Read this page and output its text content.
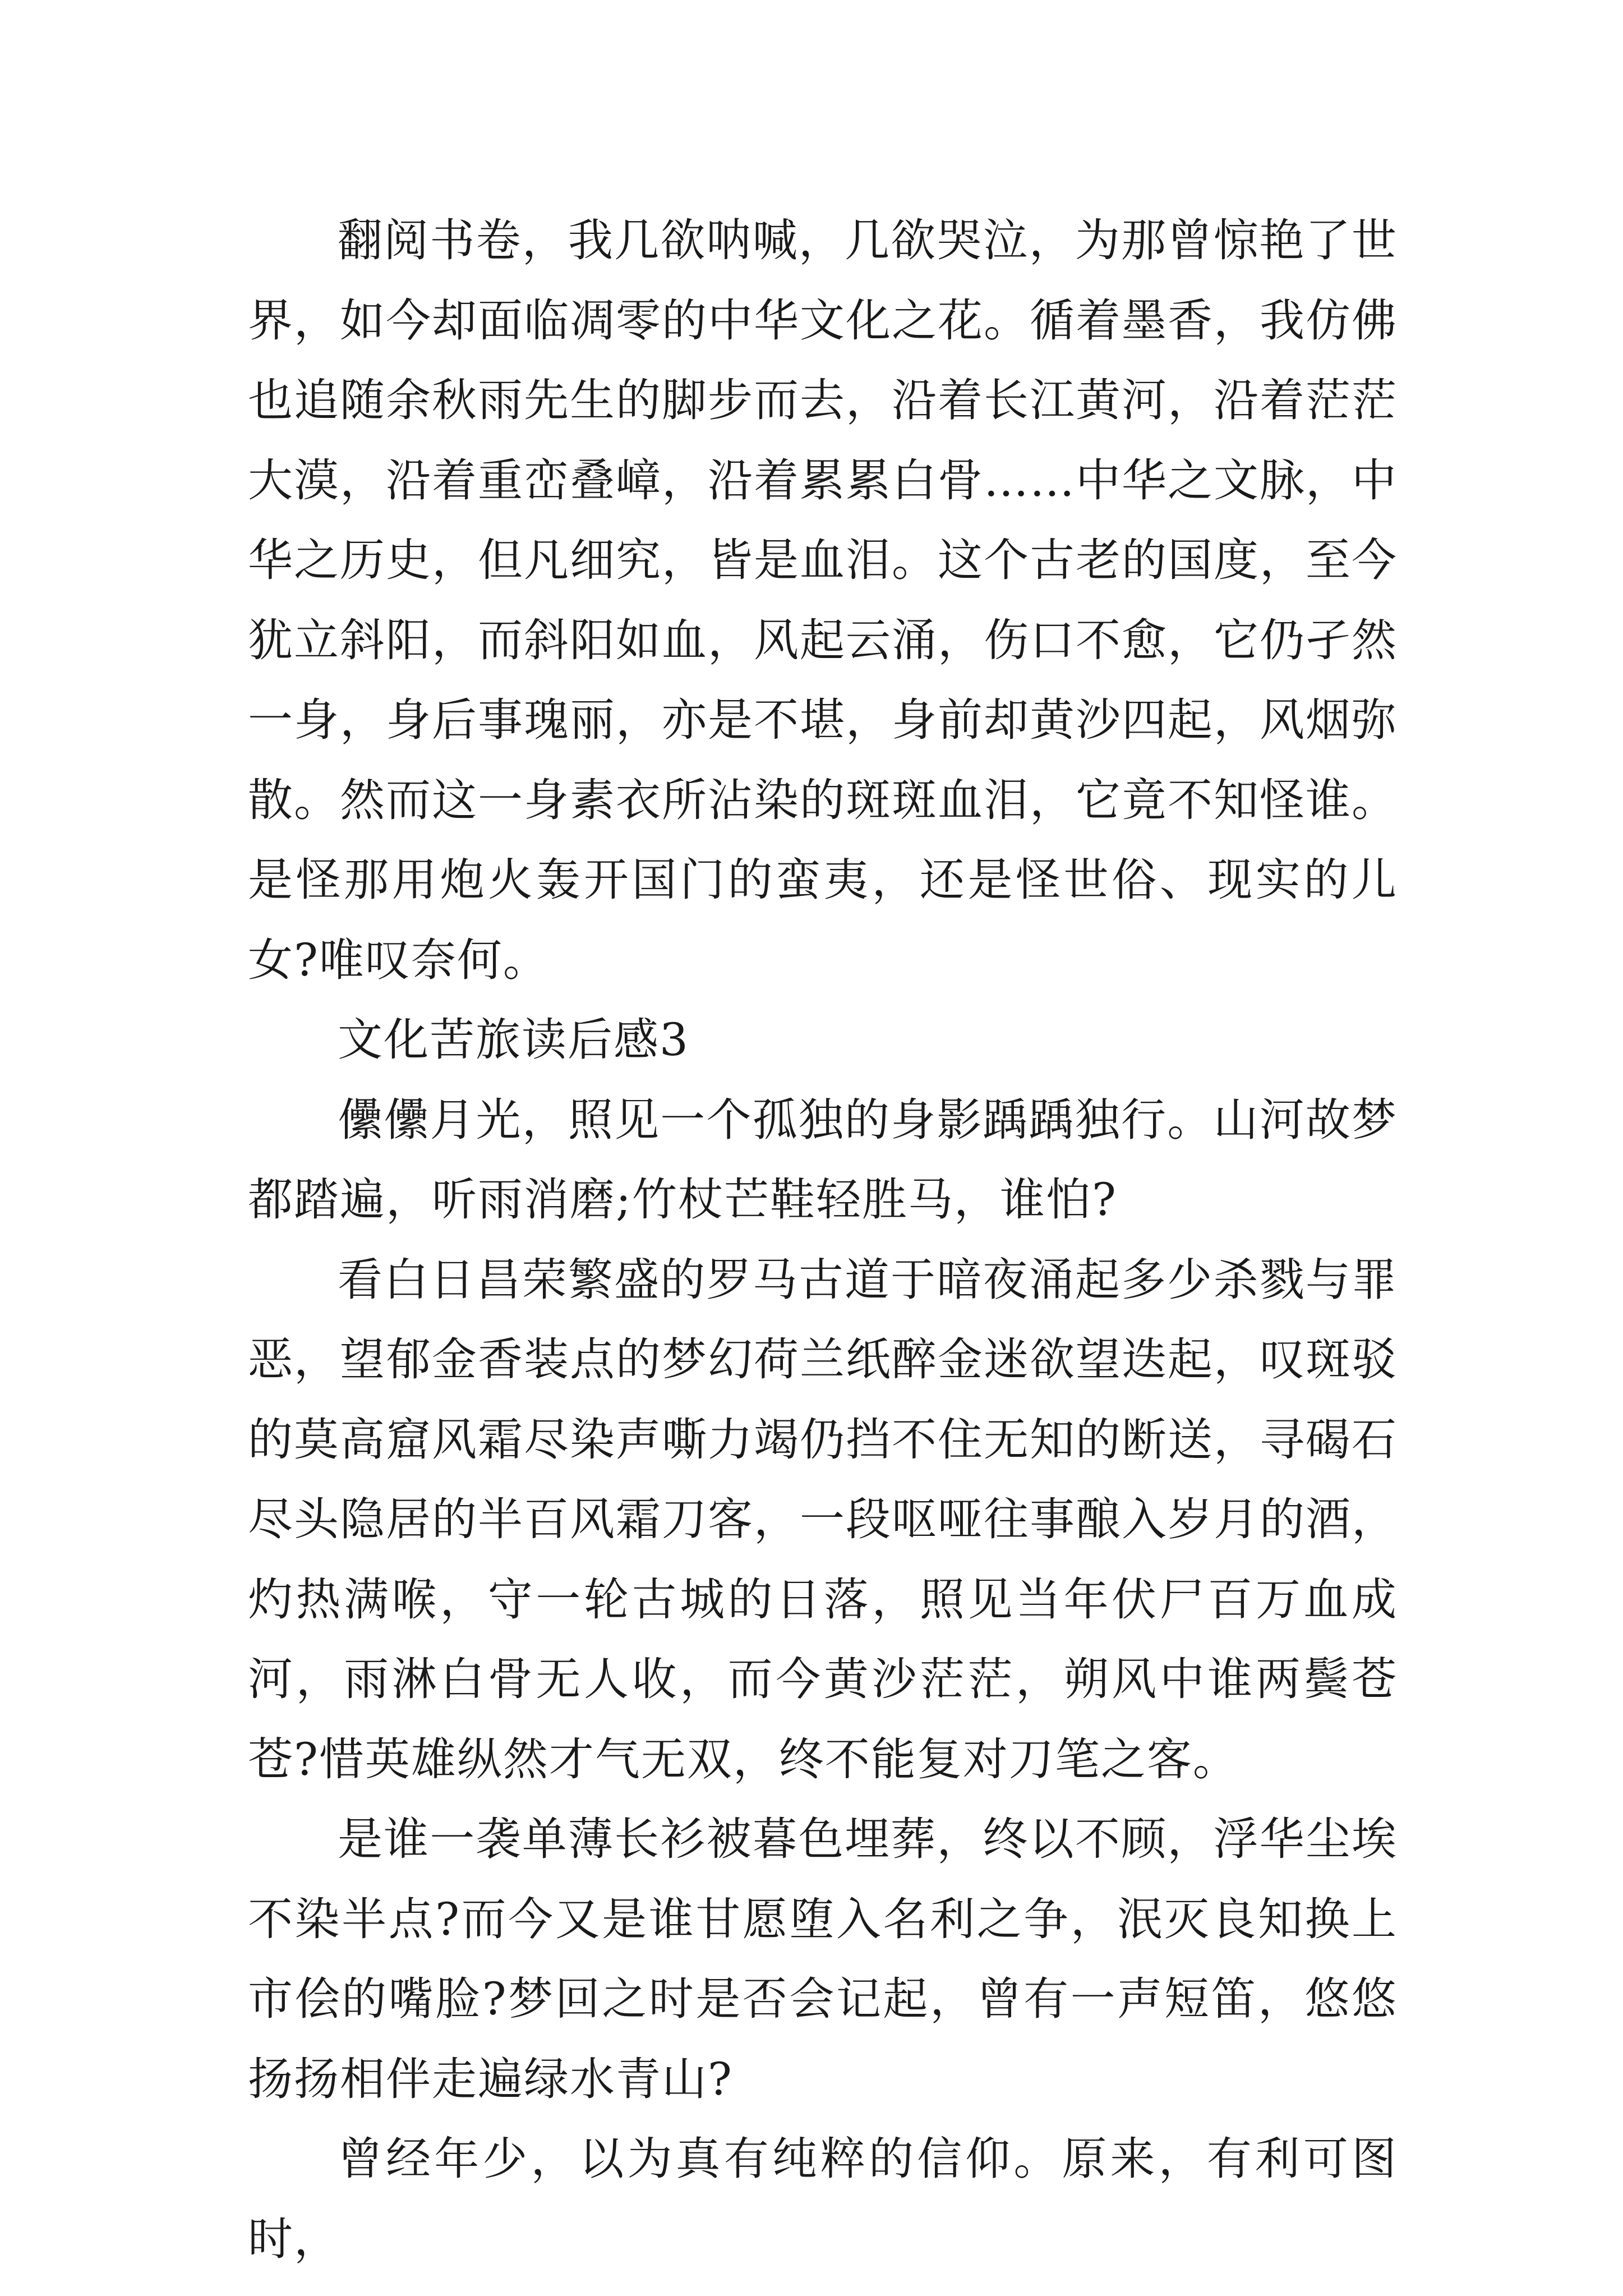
翻阅书卷，我几欲呐喊，几欲哭泣，为那曾惊艳了世界，如今却面临凋零的中华文化之花。循着墨香，我仿佛也追随余秋雨先生的脚步而去，沿着长江黄河，沿着茫茫大漠，沿着重峦叠嶂，沿着累累白骨……中华之文脉，中华之历史，但凡细究，皆是血泪。这个古老的国度，至今犹立斜阳，而斜阳如血，风起云涌，伤口不愈，它仍孑然一身，身后事瑰丽，亦是不堪，身前却黄沙四起，风烟弥散。然而这一身素衣所沾染的斑斑血泪，它竟不知怪谁。是怪那用炮火轰开国门的蛮夷，还是怪世俗、现实的儿女?唯叹奈何。

文化苦旅读后感3

儽儽月光，照见一个孤独的身影踽踽独行。山河故梦都踏遍，听雨消磨;竹杖芒鞋轻胜马，谁怕?

看白日昌荣繁盛的罗马古道于暗夜涌起多少杀戮与罪恶，望郁金香装点的梦幻荷兰纸醉金迷欲望迭起，叹斑驳的莫高窟风霜尽染声嘶力竭仍挡不住无知的断送，寻碣石尽头隐居的半百风霜刀客，一段呕哑往事酿入岁月的酒，灼热满喉，守一轮古城的日落，照见当年伏尸百万血成河，雨淋白骨无人收，而今黄沙茫茫，朔风中谁两鬓苍苍?惜英雄纵然才气无双，终不能复对刀笔之客。

是谁一袭单薄长衫被暮色埋葬，终以不顾，浮华尘埃不染半点?而今又是谁甘愿堕入名利之争，泯灭良知换上市侩的嘴脸?梦回之时是否会记起，曾有一声短笛，悠悠扬扬相伴走遍绿水青山?

曾经年少，以为真有纯粹的信仰。原来，有利可图时，
